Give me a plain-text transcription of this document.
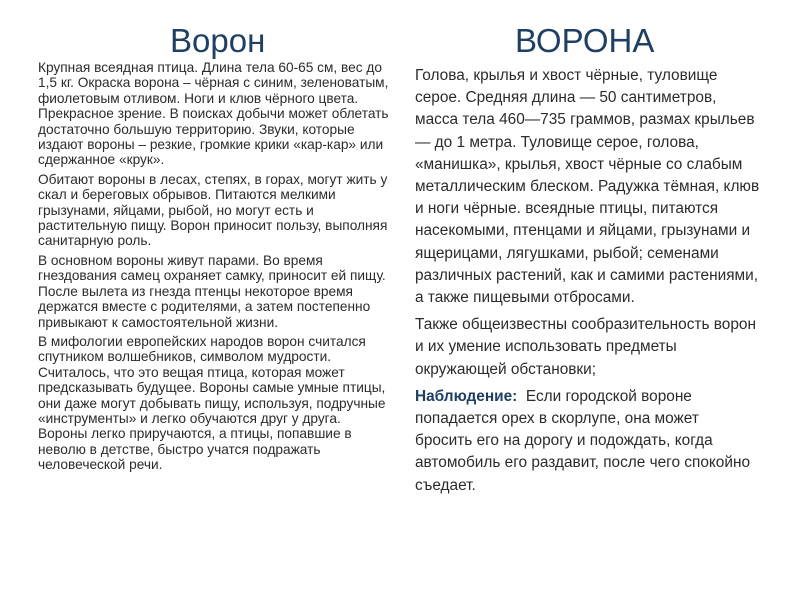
Ворон

Крупная всеядная птица. Длина тела 60-65 см, вес до 1,5 кг. Окраска ворона – чёрная с синим, зеленоватым, фиолетовым отливом. Ноги и клюв чёрного цвета. Прекрасное зрение. В поисках добычи может облетать достаточно большую территорию. Звуки, которые издают вороны – резкие, громкие крики «кар-кар» или сдержанное «крук».

Обитают вороны в лесах, степях, в горах, могут жить у скал и береговых обрывов. Питаются мелкими грызунами, яйцами, рыбой, но могут есть и растительную пищу. Ворон приносит пользу, выполняя санитарную роль.

В основном вороны живут парами. Во время гнездования самец охраняет самку, приносит ей пищу. После вылета из гнезда птенцы некоторое время держатся вместе с родителями, а затем постепенно привыкают к самостоятельной жизни.

В мифологии европейских народов ворон считался спутником волшебников, символом мудрости. Считалось, что это вещая птица, которая может предсказывать будущее. Вороны самые умные птицы, они даже могут добывать пищу, используя, подручные «инструменты» и легко обучаются друг у друга. Вороны легко приручаются, а птицы, попавшие в неволю в детстве, быстро учатся подражать человеческой речи.

ВОРОНА

Голова, крылья и хвост чёрные, туловище серое. Средняя длина — 50 сантиметров, масса тела 460—735 граммов, размах крыльев — до 1 метра. Туловище серое, голова, «манишка», крылья, хвост чёрные со слабым металлическим блеском. Радужка тёмная, клюв и ноги чёрные. всеядные птицы, питаются насекомыми, птенцами и яйцами, грызунами и ящерицами, лягушками, рыбой; семенами различных растений, как и самими растениями, а также пищевыми отбросами.

Также общеизвестны сообразительность ворон и их умение использовать предметы окружающей обстановки;

Наблюдение: Если городской вороне попадается орех в скорлупе, она может бросить его на дорогу и подождать, когда автомобиль его раздавит, после чего спокойно съедает.
